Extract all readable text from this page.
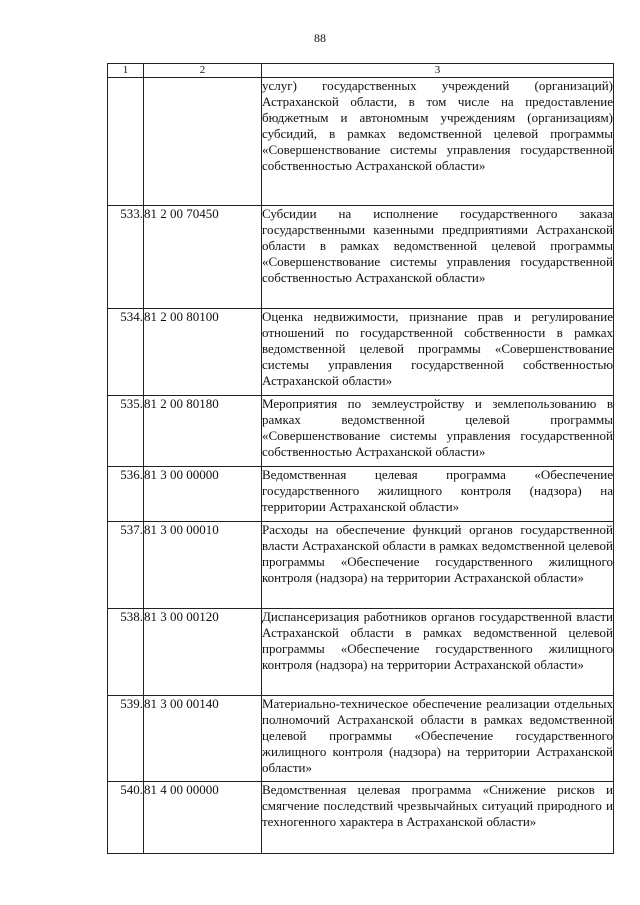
88
1	2	3
		услуг) государственных учреждений (организаций) Астраханской области, в том числе на предоставление бюджетным и автономным учреждениям (организациям) субсидий, в рамках ведомственной целевой программы «Совершенствование системы управления государственной собственностью Астраханской области»
533.	81 2 00 70450	Субсидии на исполнение государственного заказа государственными казенными предприятиями Астраханской области в рамках ведомственной целевой программы «Совершенствование системы управления государственной собственностью Астраханской области»
534.	81 2 00 80100	Оценка недвижимости, признание прав и регулирование отношений по государственной собственности в рамках ведомственной целевой программы «Совершенствование системы управления государственной собственностью Астраханской области»
535.	81 2 00 80180	Мероприятия по землеустройству и землепользованию в рамках ведомственной целевой программы «Совершенствование системы управления государственной собственностью Астраханской области»
536.	81 3 00 00000	Ведомственная целевая программа «Обеспечение государственного жилищного контроля (надзора) на территории Астраханской области»
537.	81 3 00 00010	Расходы на обеспечение функций органов государственной власти Астраханской области в рамках ведомственной целевой программы «Обеспечение государственного жилищного контроля (надзора) на территории Астраханской области»
538.	81 3 00 00120	Диспансеризация работников органов государственной власти Астраханской области в рамках ведомственной целевой программы «Обеспечение государственного жилищного контроля (надзора) на территории Астраханской области»
539.	81 3 00 00140	Материально-техническое обеспечение реализации отдельных полномочий Астраханской области в рамках ведомственной целевой программы «Обеспечение государственного жилищного контроля (надзора) на территории Астраханской области»
540.	81 4 00 00000	Ведомственная целевая программа «Снижение рисков и смягчение последствий чрезвычайных ситуаций природного и техногенного характера в Астраханской области»
